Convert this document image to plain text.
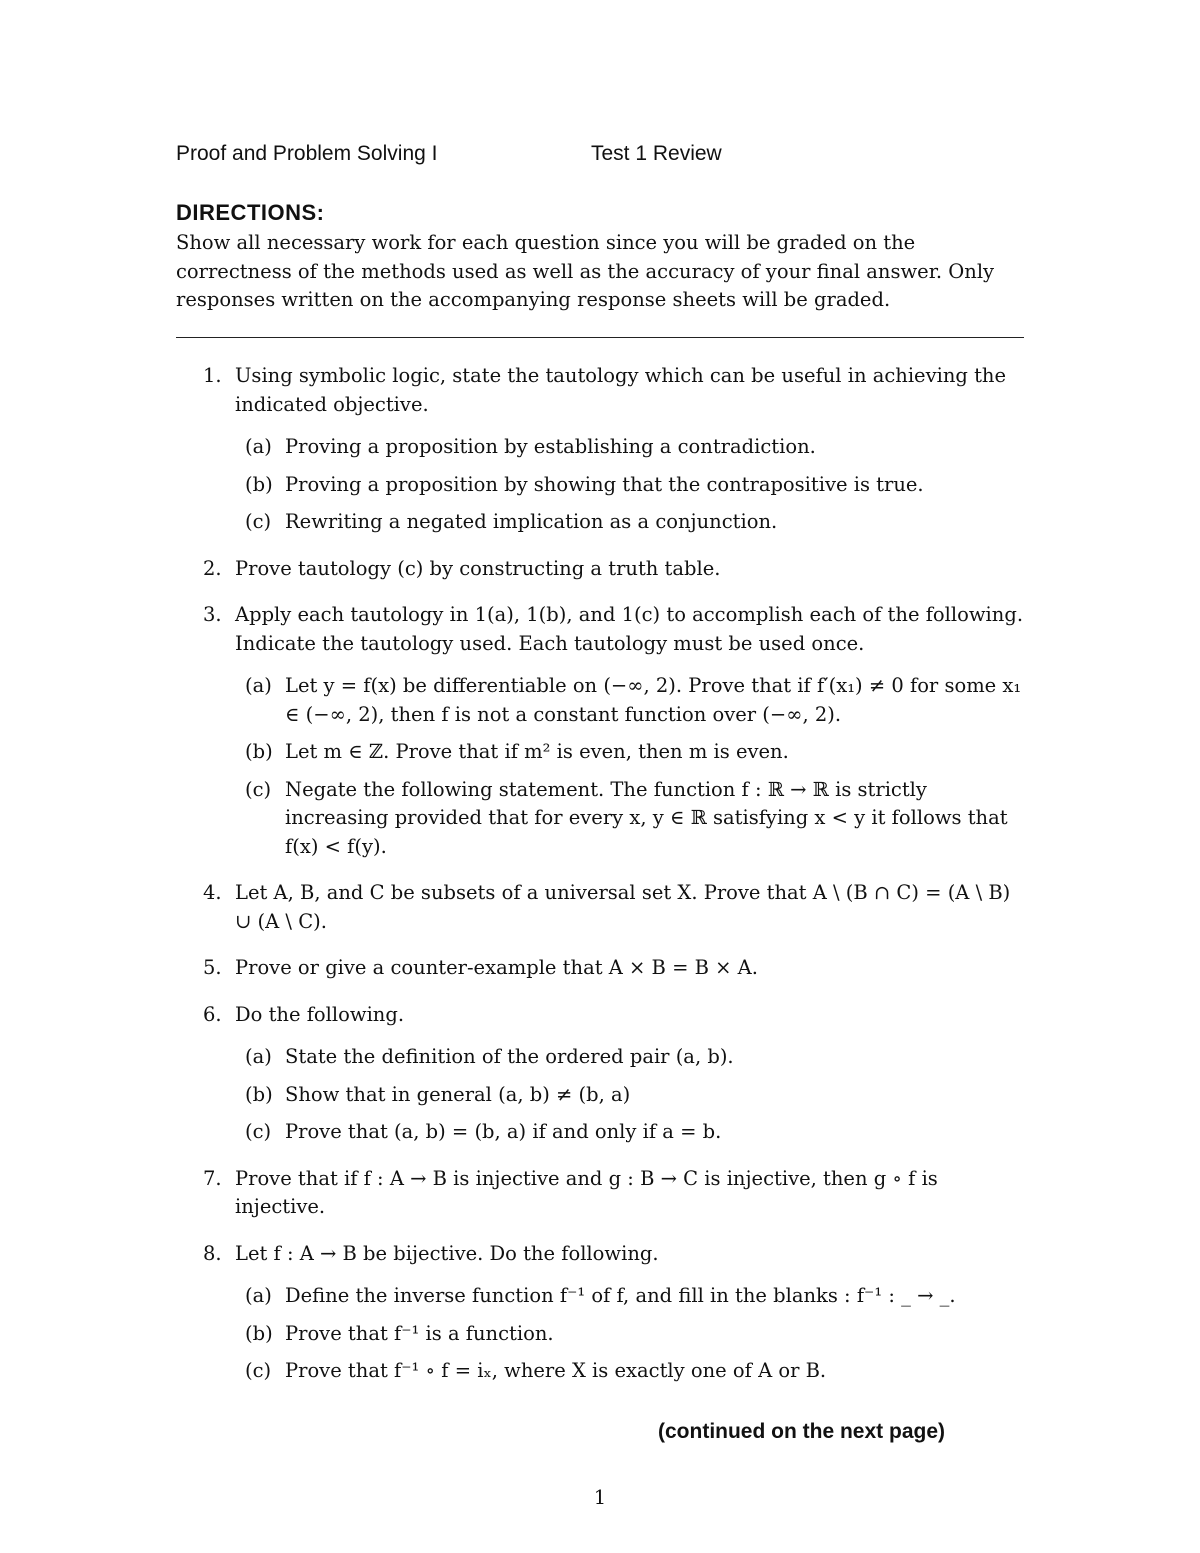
Proof and Problem Solving I	Test 1 Review
DIRECTIONS:
Show all necessary work for each question since you will be graded on the correctness of the methods used as well as the accuracy of your final answer. Only responses written on the accompanying response sheets will be graded.
1. Using symbolic logic, state the tautology which can be useful in achieving the indicated objective.
(a) Proving a proposition by establishing a contradiction.
(b) Proving a proposition by showing that the contrapositive is true.
(c) Rewriting a negated implication as a conjunction.
2. Prove tautology (c) by constructing a truth table.
3. Apply each tautology in 1(a), 1(b), and 1(c) to accomplish each of the following. Indicate the tautology used. Each tautology must be used once.
(a) Let y = f(x) be differentiable on (−∞, 2). Prove that if f′(x₁) ≠ 0 for some x₁ ∈ (−∞, 2), then f is not a constant function over (−∞, 2).
(b) Let m ∈ ℤ. Prove that if m² is even, then m is even.
(c) Negate the following statement. The function f : ℝ → ℝ is strictly increasing provided that for every x, y ∈ ℝ satisfying x < y it follows that f(x) < f(y).
4. Let A, B, and C be subsets of a universal set X. Prove that A \ (B ∩ C) = (A \ B) ∪ (A \ C).
5. Prove or give a counter-example that A × B = B × A.
6. Do the following.
(a) State the definition of the ordered pair (a, b).
(b) Show that in general (a, b) ≠ (b, a)
(c) Prove that (a, b) = (b, a) if and only if a = b.
7. Prove that if f : A → B is injective and g : B → C is injective, then g ∘ f is injective.
8. Let f : A → B be bijective. Do the following.
(a) Define the inverse function f⁻¹ of f, and fill in the blanks : f⁻¹ : _ → _.
(b) Prove that f⁻¹ is a function.
(c) Prove that f⁻¹ ∘ f = iₓ, where X is exactly one of A or B.
(continued on the next page)
1
